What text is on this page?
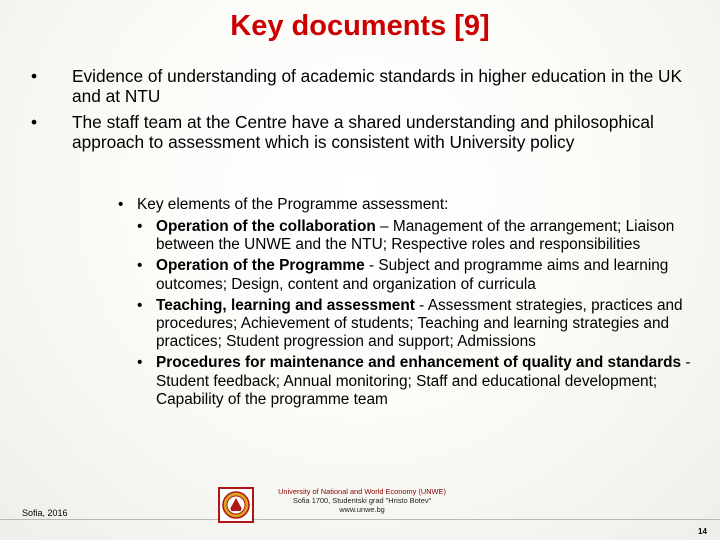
Key documents [9]
• Evidence of understanding of academic standards in higher education in the UK and at NTU
• The staff team at the Centre have a shared understanding and philosophical approach to assessment which is consistent with University policy
• Key elements of the Programme assessment:
• Operation of the collaboration – Management of the arrangement; Liaison between the UNWE and the NTU; Respective roles and responsibilities
• Operation of the Programme - Subject and programme aims and learning outcomes; Design, content and organization of curricula
• Teaching, learning and assessment - Assessment strategies, practices and procedures; Achievement of students; Teaching and learning strategies and practices; Student progression and support; Admissions
• Procedures for maintenance and enhancement of quality and standards - Student feedback; Annual monitoring; Staff and educational development; Capability of the programme team
Sofia, 2016
University of National and World Economy (UNWE)
Sofia 1700, Studentski grad "Hristo Botev"
www.unwe.bg
14
